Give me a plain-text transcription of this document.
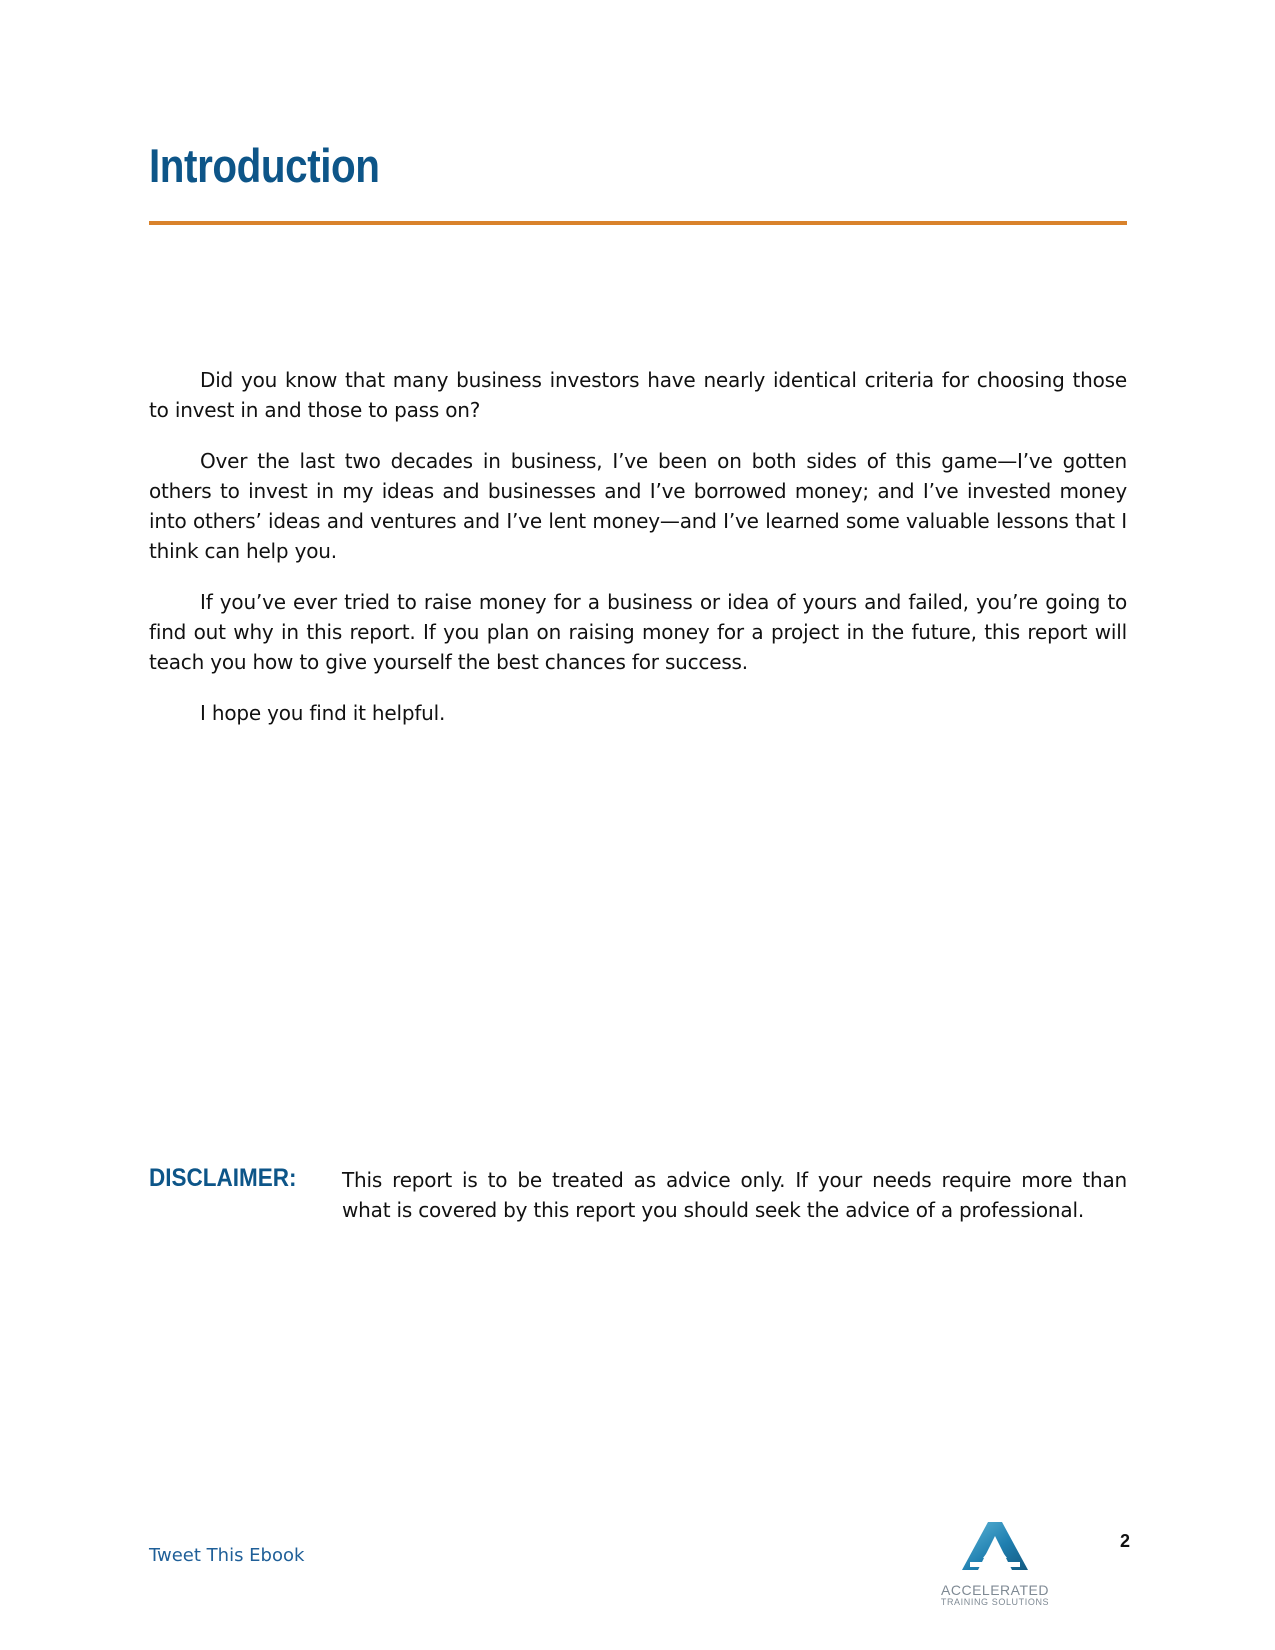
Introduction

Did you know that many business investors have nearly identical criteria for choosing those to invest in and those to pass on?

Over the last two decades in business, I’ve been on both sides of this game—I’ve gotten others to invest in my ideas and businesses and I’ve borrowed money; and I’ve invested money into others’ ideas and ventures and I’ve lent money—and I’ve learned some valuable lessons that I think can help you.

If you’ve ever tried to raise money for a business or idea of yours and failed, you’re going to find out why in this report. If you plan on raising money for a project in the future, this report will teach you how to give yourself the best chances for success.

I hope you find it helpful.

DISCLAIMER: This report is to be treated as advice only. If your needs require more than what is covered by this report you should seek the advice of a professional.

Tweet This Ebook
ACCELERATED
TRAINING SOLUTIONS
2
